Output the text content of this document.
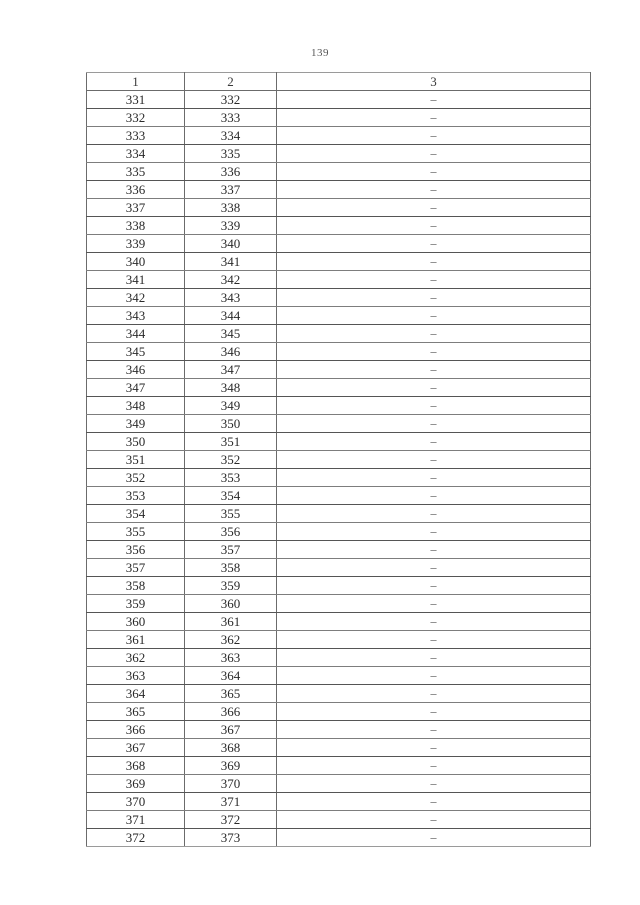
139
1	2	3
331	332	–
332	333	–
333	334	–
334	335	–
335	336	–
336	337	–
337	338	–
338	339	–
339	340	–
340	341	–
341	342	–
342	343	–
343	344	–
344	345	–
345	346	–
346	347	–
347	348	–
348	349	–
349	350	–
350	351	–
351	352	–
352	353	–
353	354	–
354	355	–
355	356	–
356	357	–
357	358	–
358	359	–
359	360	–
360	361	–
361	362	–
362	363	–
363	364	–
364	365	–
365	366	–
366	367	–
367	368	–
368	369	–
369	370	–
370	371	–
371	372	–
372	373	–
